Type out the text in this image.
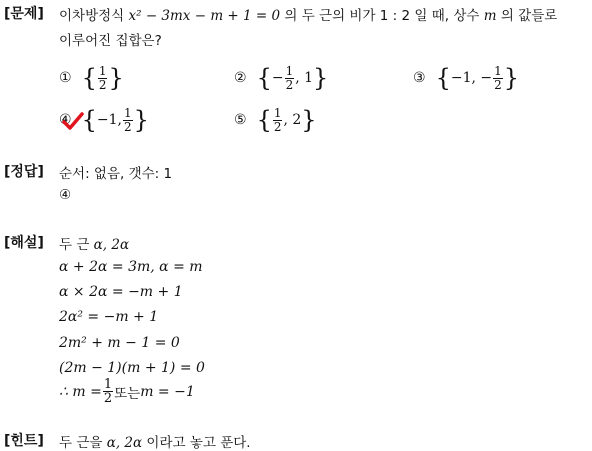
[문제] 이차방정식 x² − 3mx − m + 1 = 0 의 두 근의 비가 1 : 2 일 때, 상수 m 의 값들로
이루어진 집합은?
① { $\frac{1}{2}$ }	② { − $\frac{1}{2}$ , 1 }	③ { −1, − $\frac{1}{2}$ }
④ { −1, $\frac{1}{2}$ }	⑤ { $\frac{1}{2}$ , 2 }
[정답] 순서: 없음, 갯수: 1
④
[해설] 두 근 α, 2α
α + 2α = 3m, α = m
α × 2α = −m + 1
2α² = −m + 1
2m² + m − 1 = 0
(2m − 1)(m + 1) = 0
∴ $m = \frac{1}{2}$ 또는 m = −1
[힌트] 두 근을 α, 2α 이라고 놓고 푼다.
